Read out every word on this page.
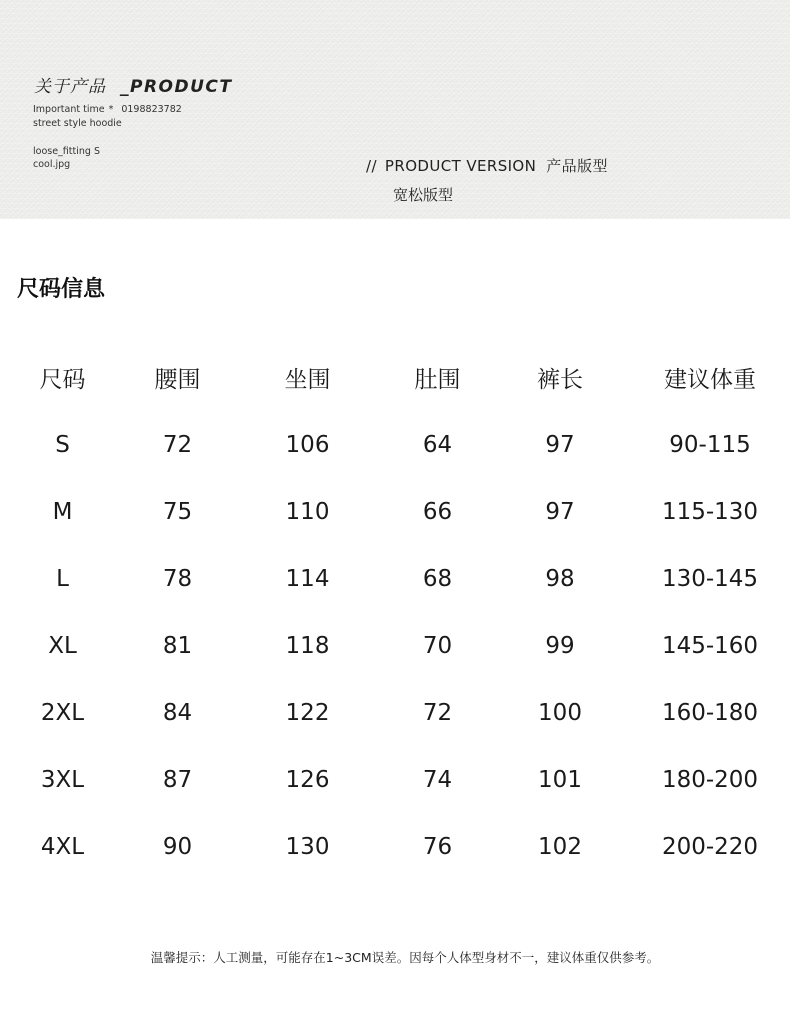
关于产品 _PRODUCT
Important time * 0198823782
street style hoodie
loose_fitting S
cool.jpg	// PRODUCT VERSION 产品版型
宽松版型
尺码信息
尺码	腰围	坐围	肚围	裤长	建议体重
S	72	106	64	97	90-115
M	75	110	66	97	115-130
L	78	114	68	98	130-145
XL	81	118	70	99	145-160
2XL	84	122	72	100	160-180
3XL	87	126	74	101	180-200
4XL	90	130	76	102	200-220
温馨提示：人工测量，可能存在1~3CM误差。因每个人体型身材不一，建议体重仅供参考。
